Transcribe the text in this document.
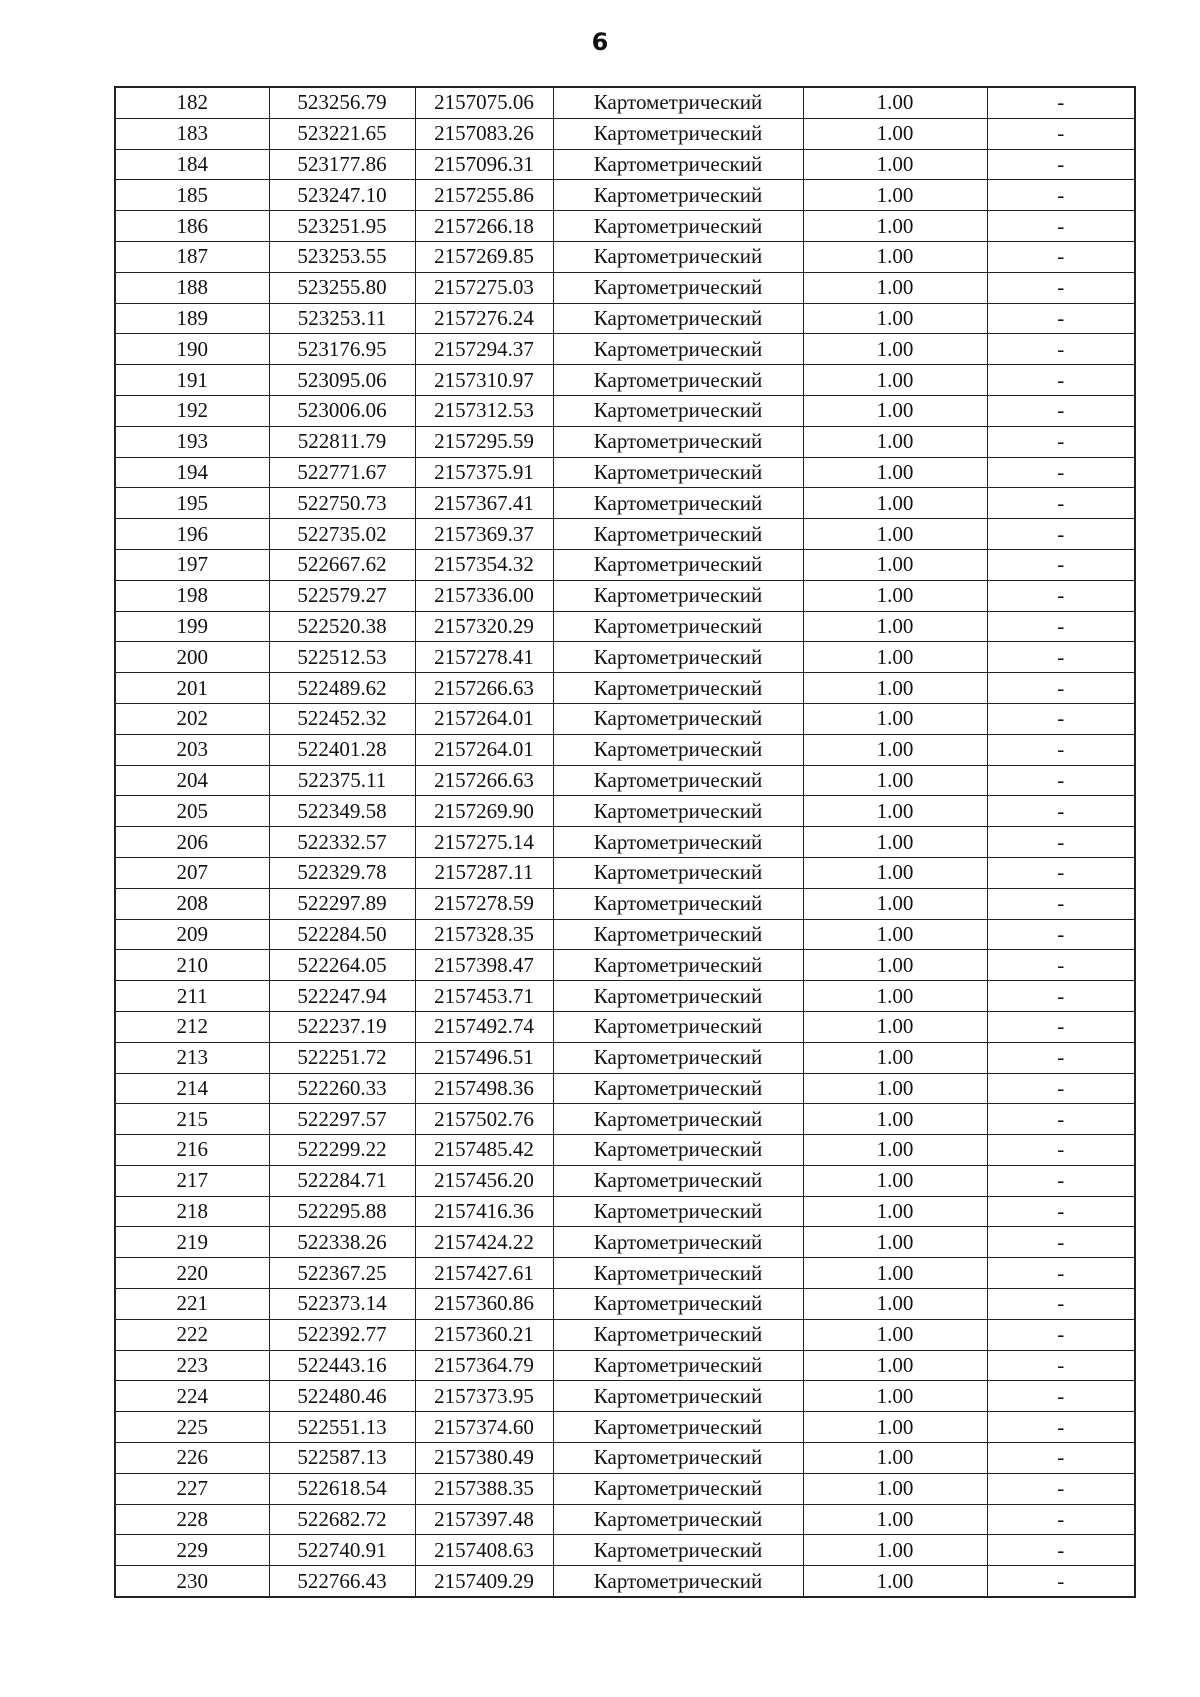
6
182	523256.79	2157075.06	Картометрический	1.00	-
183	523221.65	2157083.26	Картометрический	1.00	-
184	523177.86	2157096.31	Картометрический	1.00	-
185	523247.10	2157255.86	Картометрический	1.00	-
186	523251.95	2157266.18	Картометрический	1.00	-
187	523253.55	2157269.85	Картометрический	1.00	-
188	523255.80	2157275.03	Картометрический	1.00	-
189	523253.11	2157276.24	Картометрический	1.00	-
190	523176.95	2157294.37	Картометрический	1.00	-
191	523095.06	2157310.97	Картометрический	1.00	-
192	523006.06	2157312.53	Картометрический	1.00	-
193	522811.79	2157295.59	Картометрический	1.00	-
194	522771.67	2157375.91	Картометрический	1.00	-
195	522750.73	2157367.41	Картометрический	1.00	-
196	522735.02	2157369.37	Картометрический	1.00	-
197	522667.62	2157354.32	Картометрический	1.00	-
198	522579.27	2157336.00	Картометрический	1.00	-
199	522520.38	2157320.29	Картометрический	1.00	-
200	522512.53	2157278.41	Картометрический	1.00	-
201	522489.62	2157266.63	Картометрический	1.00	-
202	522452.32	2157264.01	Картометрический	1.00	-
203	522401.28	2157264.01	Картометрический	1.00	-
204	522375.11	2157266.63	Картометрический	1.00	-
205	522349.58	2157269.90	Картометрический	1.00	-
206	522332.57	2157275.14	Картометрический	1.00	-
207	522329.78	2157287.11	Картометрический	1.00	-
208	522297.89	2157278.59	Картометрический	1.00	-
209	522284.50	2157328.35	Картометрический	1.00	-
210	522264.05	2157398.47	Картометрический	1.00	-
211	522247.94	2157453.71	Картометрический	1.00	-
212	522237.19	2157492.74	Картометрический	1.00	-
213	522251.72	2157496.51	Картометрический	1.00	-
214	522260.33	2157498.36	Картометрический	1.00	-
215	522297.57	2157502.76	Картометрический	1.00	-
216	522299.22	2157485.42	Картометрический	1.00	-
217	522284.71	2157456.20	Картометрический	1.00	-
218	522295.88	2157416.36	Картометрический	1.00	-
219	522338.26	2157424.22	Картометрический	1.00	-
220	522367.25	2157427.61	Картометрический	1.00	-
221	522373.14	2157360.86	Картометрический	1.00	-
222	522392.77	2157360.21	Картометрический	1.00	-
223	522443.16	2157364.79	Картометрический	1.00	-
224	522480.46	2157373.95	Картометрический	1.00	-
225	522551.13	2157374.60	Картометрический	1.00	-
226	522587.13	2157380.49	Картометрический	1.00	-
227	522618.54	2157388.35	Картометрический	1.00	-
228	522682.72	2157397.48	Картометрический	1.00	-
229	522740.91	2157408.63	Картометрический	1.00	-
230	522766.43	2157409.29	Картометрический	1.00	-
